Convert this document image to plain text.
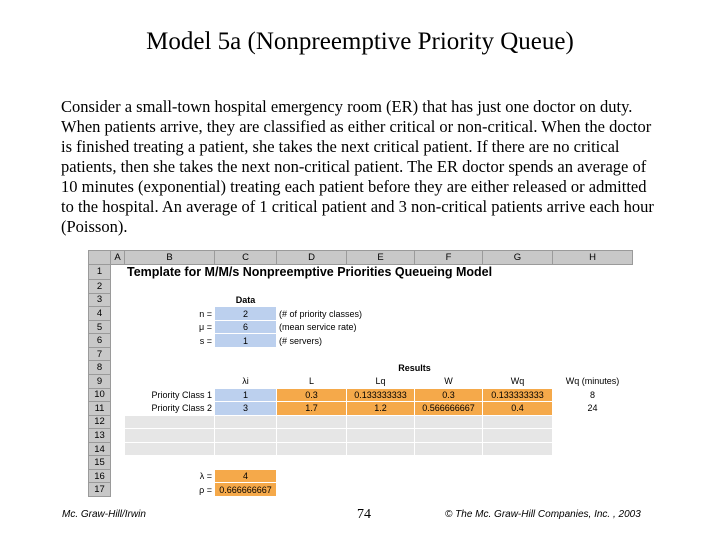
Model 5a (Nonpreemptive Priority Queue)
Consider a small-town hospital emergency room (ER) that has just one doctor on duty. When patients arrive, they are classified as either critical or non-critical. When the doctor is finished treating a patient, she takes the next critical patient. If there are no critical patients, then she takes the next non-critical patient. The ER doctor spends an average of 10 minutes (exponential) treating each patient before they are either released or admitted to the hospital. An average of 1 critical patient and 3 non-critical patients arrive each hour (Poisson).
	A	B	C	D	E	F	G	H
1		Template for M/M/s Nonpreemptive Priorities Queueing Model						
2								
3			Data					
4		n =	2	(# of priority classes)				
5		μ =	6	(mean service rate)				
6		s =	1	(# servers)				
7								
8					Results			
9			λi	L	Lq	W	Wq	Wq (minutes)
10		Priority Class 1	1	0.3	0.133333333	0.3	0.133333333	8
11		Priority Class 2	3	1.7	1.2	0.566666667	0.4	24
12								
13								
14								
15								
16		λ =	4					
17		ρ =	0.666666667					
Mc. Graw-Hill/Irwin	74	© The Mc. Graw-Hill Companies, Inc. , 2003
